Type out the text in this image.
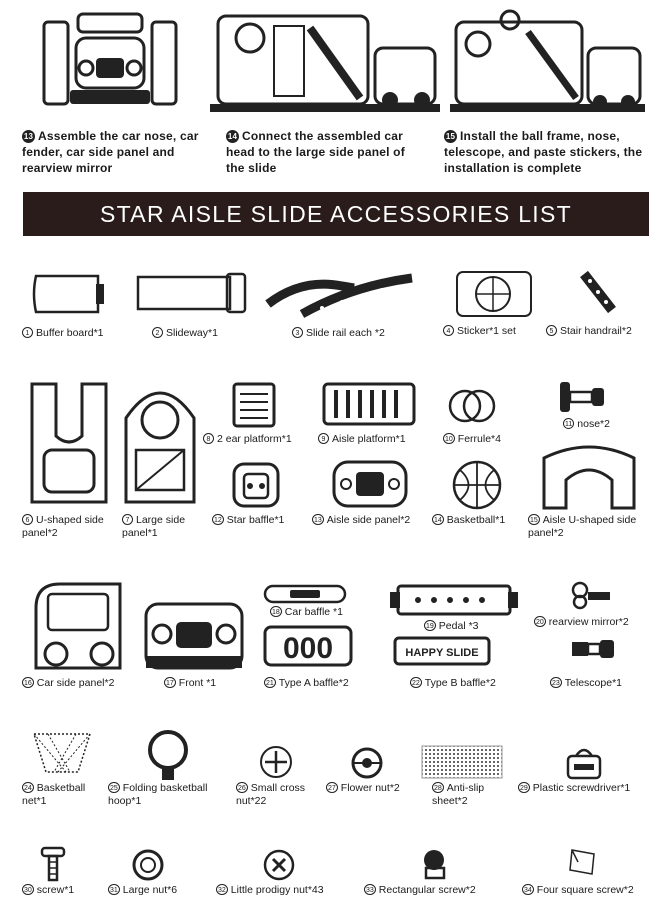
13 Assemble the car nose, car fender, car side panel and rearview mirror
14 Connect the assembled car head to the large side panel of the slide
15 Install the ball frame, nose, telescope, and paste stickers, the installation is complete
STAR AISLE SLIDE ACCESSORIES LIST
1 Buffer board*1	2 Slideway*1	3 Slide rail each *2	4 Sticker*1 set	5 Stair handrail*2
8 2 ear platform*1	9 Aisle platform*1	10 Ferrule*4
11 nose*2
6 U-shaped side panel*2
7 Large side panel*1
12 Star baffle*1	13 Aisle side panel*2	14 Basketball*1	15 Aisle U-shaped side panel*2
000	HAPPY SLIDE
18 Car baffle *1
19 Pedal *3	20 rearview mirror*2
16 Car side panel*2	17 Front *1	21 Type A baffle*2	22 Type B baffle*2	23 Telescope*1
24 Basketball net*1
25 Folding basketball hoop*1
26 Small cross nut*22
27 Flower nut*2	28 Anti-slip sheet*2
29 Plastic screwdriver*1
30 screw*1	31 Large nut*6	32 Little prodigy nut*43	33 Rectangular screw*2	34 Four square screw*2
